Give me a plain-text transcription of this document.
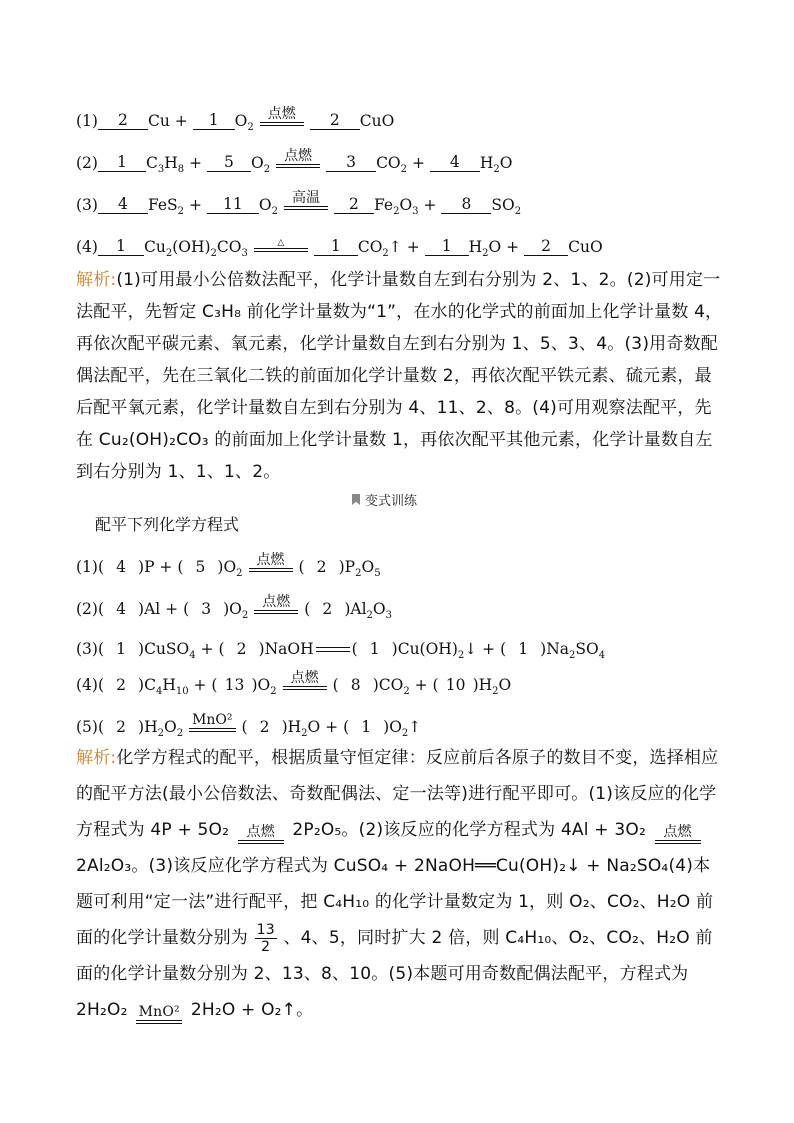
(1)	2	Cu +	1	$O_2$
点燃	2	CuO
(2)	1	$C_3H_8$ +	5	$O_2$
点燃	3	$CO_2$ +	4	$H_2O$
(3)	4	FeS$_2$ +	11	$O_2$
高温	2 $Fe_2O_3$ +	8	$SO_2$
(4)	1	$Cu_2(OH)_2CO_3$
△	1	$CO_2↑$ +	1	$H_2O$ +	2	CuO
解析:(1)可用最小公倍数法配平，化学计量数自左到右分别为 2、1、2。(2)可用定一法配平，先暂定 C₃H₈ 前化学计量数为“1”，在水的化学式的前面加上化学计量数 4，再依次配平碳元素、氧元素，化学计量数自左到右分别为 1、5、3、4。(3)用奇数配偶法配平，先在三氧化二铁的前面加化学计量数 2，再依次配平铁元素、硫元素，最后配平氧元素，化学计量数自左到右分别为 4、11、2、8。(4)可用观察法配平，先在 Cu₂(OH)₂CO₃ 的前面加上化学计量数 1，再依次配平其他元素，化学计量数自左到右分别为 1、1、1、2。
变式训练
配平下列化学方程式
(1) ( 4 )P + ( 5 )$O_2$
点燃 ( 2 )$P_2O_5$
(2) ( 4 )Al + ( 3 )$O_2$
点燃 ( 2 )$Al_2O_3$
(3) ( 1 )CuSO$_4$ + ( 2 )NaOH ( 1 )$Cu(OH)_2↓$ + ( 1 )$Na_2SO_4$
(4) ( 2 )$C_4H_{10}$ + ( 13 )$O_2$
点燃 ( 8 )$CO_2$ + ( 10 )$H_2O$
(5) ( 2 )$H_2O_2$
MnO² ( 2 )$H_2O$ + ( 1 )$O_2↑$
解析:化学方程式的配平，根据质量守恒定律：反应前后各原子的数目不变，选择相应的配平方法(最小公倍数法、奇数配偶法、定一法等)进行配平即可。(1)该反应的化学方程式为 4P + 5O₂ 点燃 2P₂O₅。(2)该反应的化学方程式为 4Al + 3O₂ 点燃
2Al₂O₃。(3)该反应化学方程式为 CuSO₄ + 2NaOH══Cu(OH)₂↓ + Na₂SO₄(4)本题可利用“定一法”进行配平，把 C₄H₁₀ 的化学计量数定为 1，则 O₂、CO₂、H₂O 前面的化学计量数分别为 $\frac{13}{2}$ 、4、5，同时扩大 2 倍，则 C₄H₁₀、O₂、CO₂、H₂O 前面的化学计量数分别为 2、13、8、10。(5)本题可用奇数配偶法配平，方程式为 2H₂O₂ MnO² 2H₂O + O₂↑。
